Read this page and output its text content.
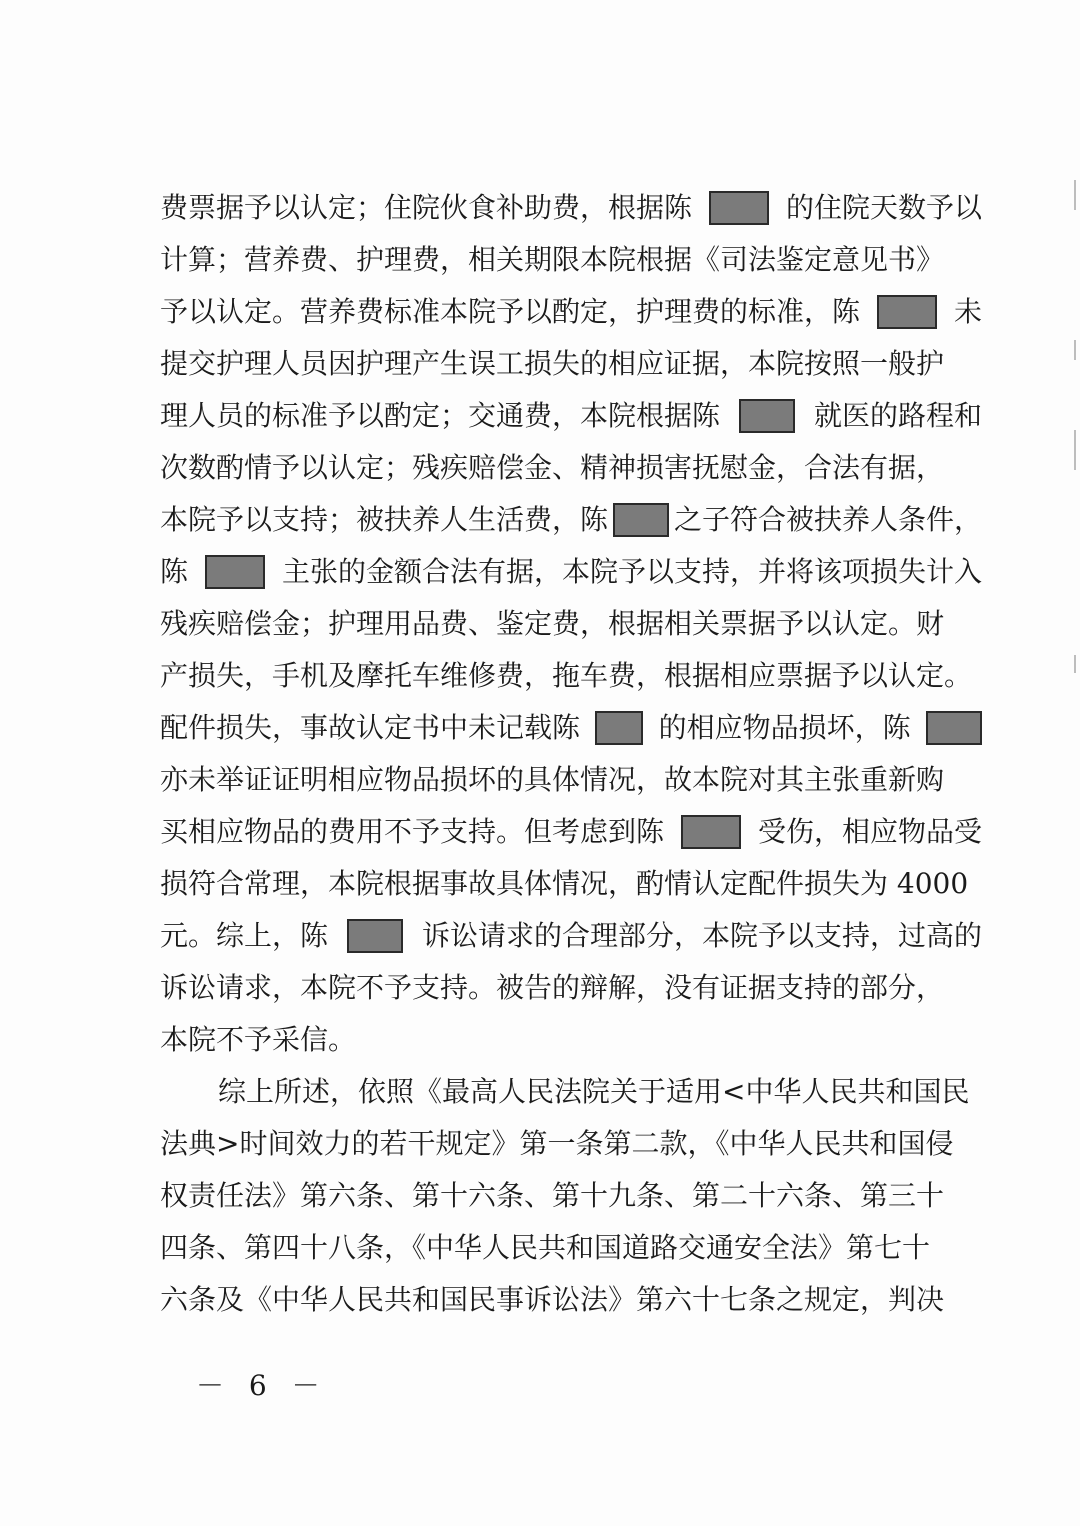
费票据予以认定；住院伙食补助费，根据陈	的住院天数予以
计算；营养费、护理费，相关期限本院根据《司法鉴定意见书》
予以认定。营养费标准本院予以酌定，护理费的标准，陈	未
提交护理人员因护理产生误工损失的相应证据，本院按照一般护
理人员的标准予以酌定；交通费，本院根据陈	就医的路程和
次数酌情予以认定；残疾赔偿金、精神损害抚慰金，合法有据，
本院予以支持；被扶养人生活费，陈 之子符合被扶养人条件，
陈	主张的金额合法有据，本院予以支持，并将该项损失计入
残疾赔偿金；护理用品费、鉴定费，根据相关票据予以认定。财
产损失，手机及摩托车维修费，拖车费，根据相应票据予以认定。
配件损失，事故认定书中未记载陈	的相应物品损坏，陈
亦未举证证明相应物品损坏的具体情况，故本院对其主张重新购
买相应物品的费用不予支持。但考虑到陈	受伤，相应物品受
损符合常理，本院根据事故具体情况，酌情认定配件损失为 4000
元。综上，陈	诉讼请求的合理部分，本院予以支持，过高的
诉讼请求，本院不予支持。被告的辩解，没有证据支持的部分，
本院不予采信。
综上所述，依照《最高人民法院关于适用<中华人民共和国民
法典>时间效力的若干规定》第一条第二款，《中华人民共和国侵
权责任法》第六条、第十六条、第十九条、第二十六条、第三十
四条、第四十八条，《中华人民共和国道路交通安全法》第七十
六条及《中华人民共和国民事诉讼法》第六十七条之规定，判决
－ 6 －
